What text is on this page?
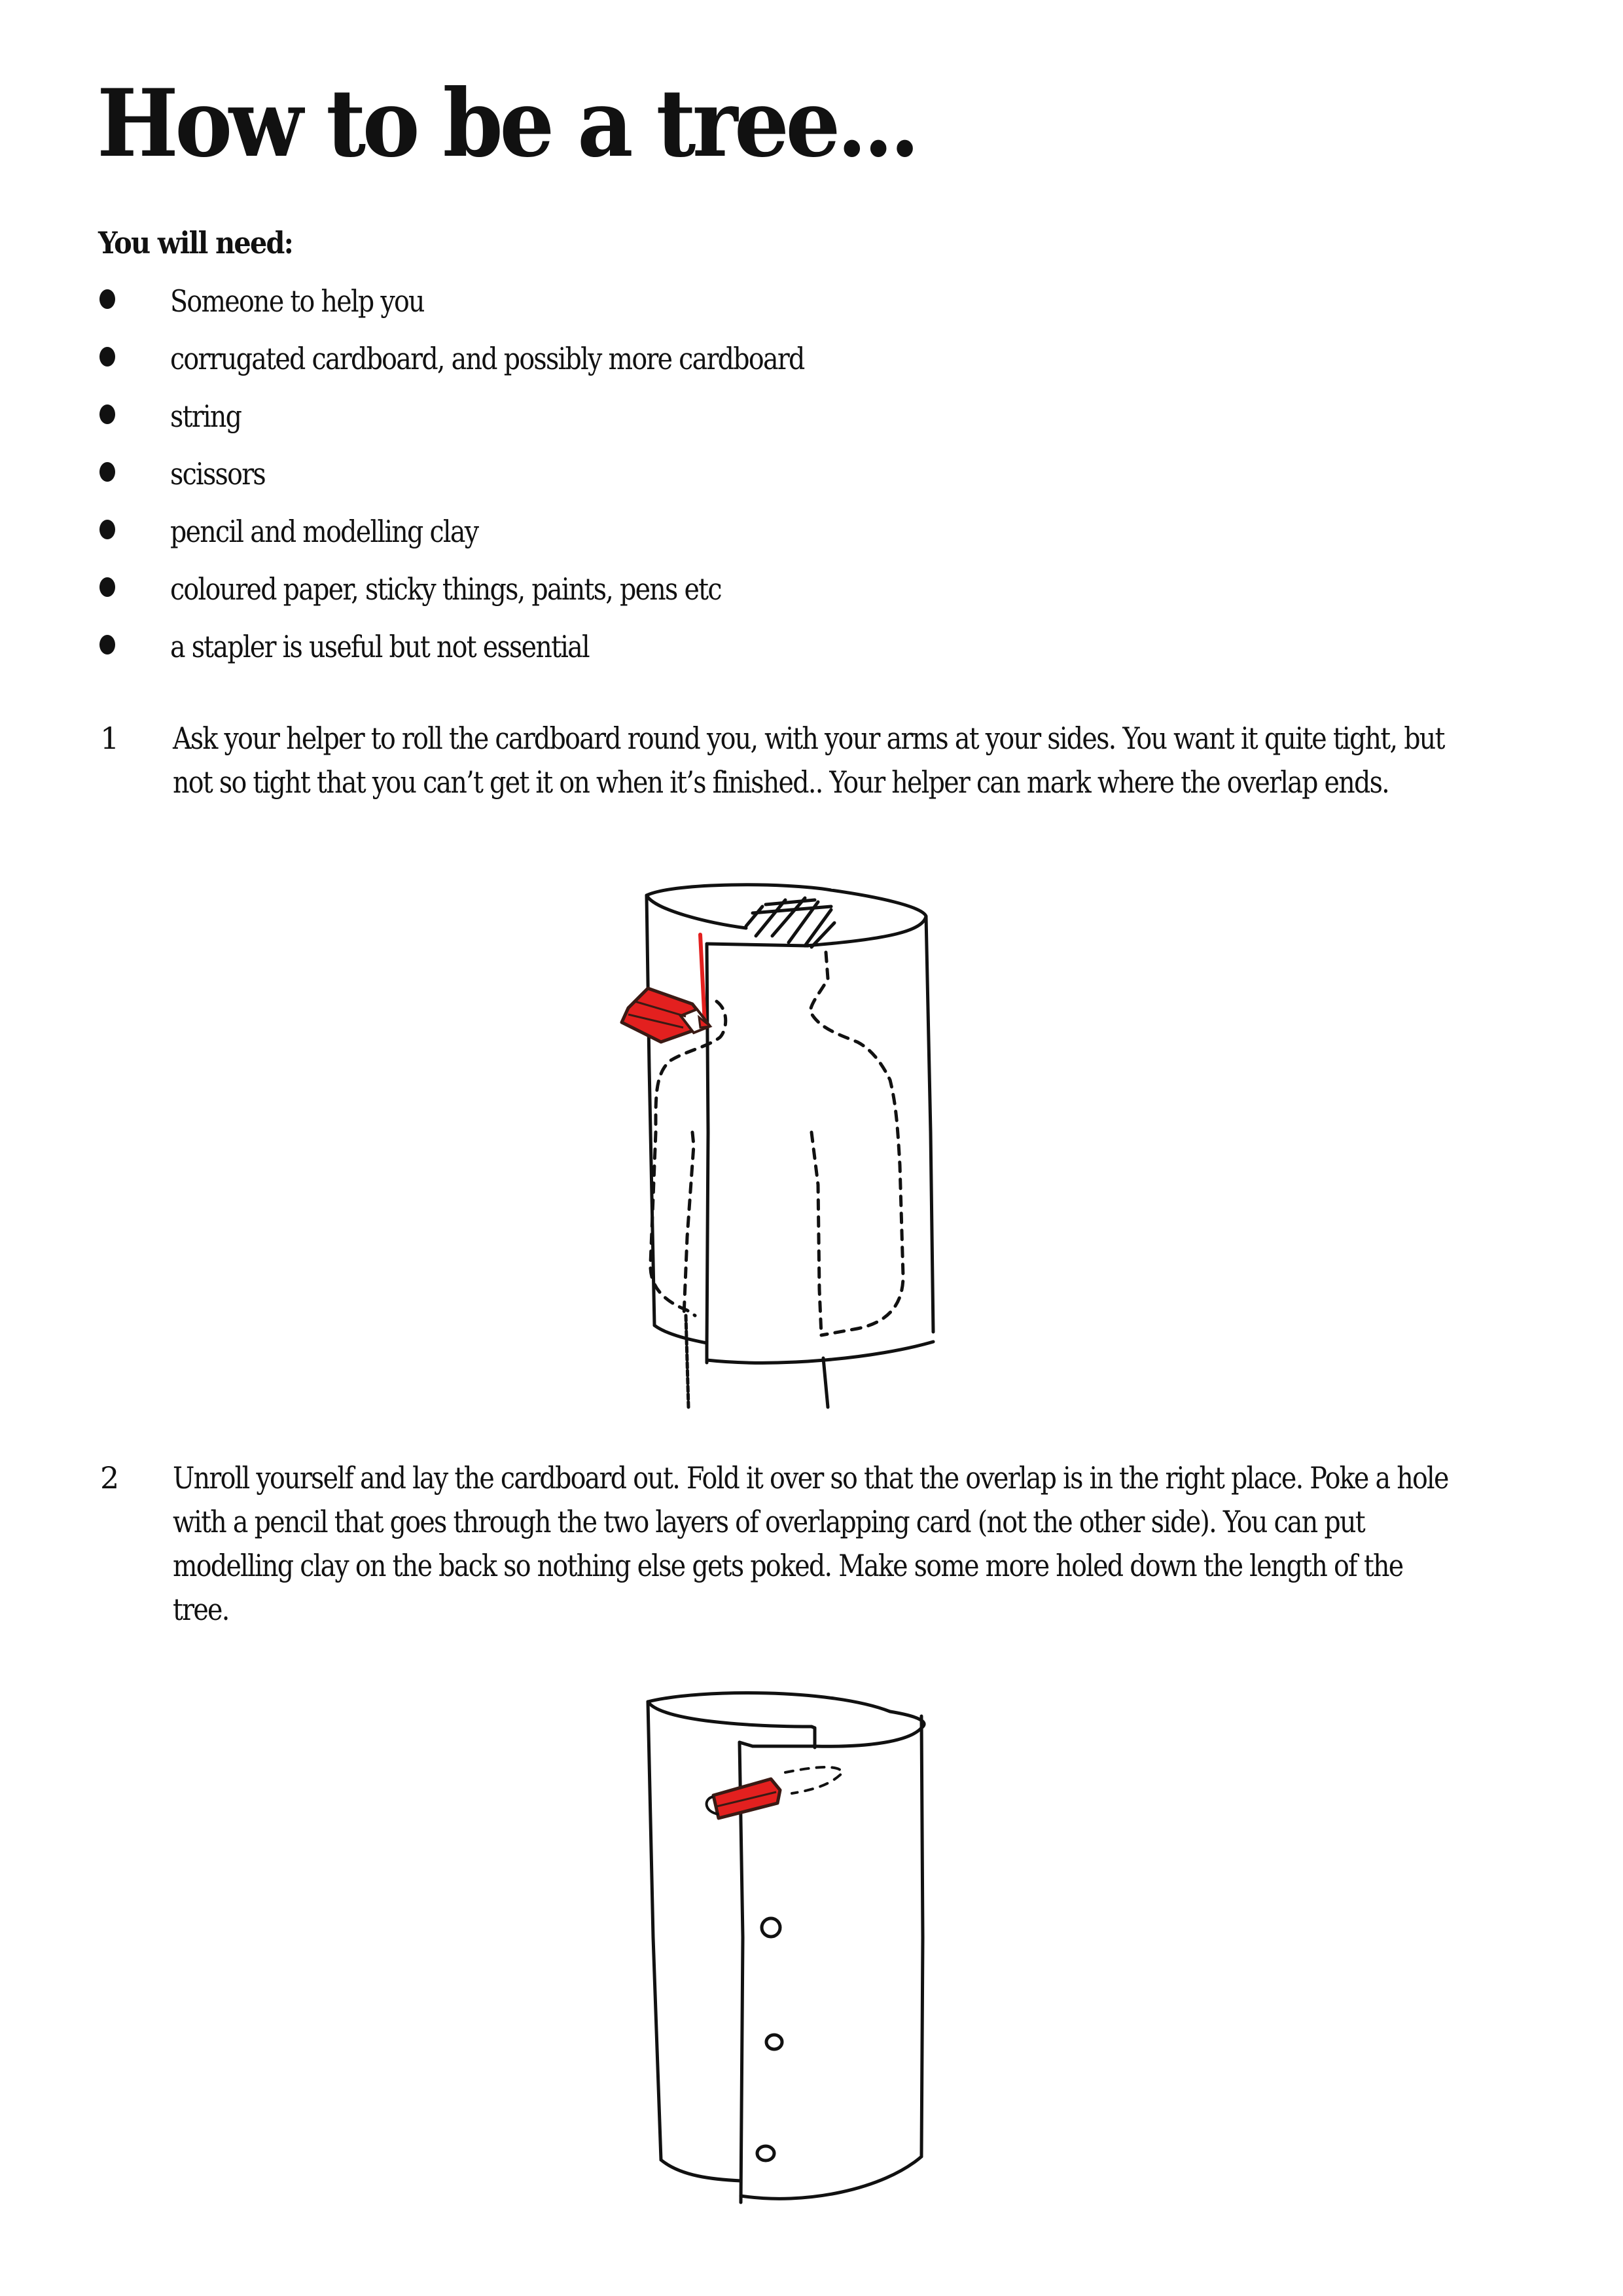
How to be a tree...
You will need:
Someone to help you
corrugated cardboard, and possibly more cardboard
string
scissors
pencil and modelling clay
coloured paper, sticky things, paints, pens etc
a stapler is useful but not essential
1 Ask your helper to roll the cardboard round you, with your arms at your sides. You want it quite tight, but not so tight that you can’t get it on when it’s finished.. Your helper can mark where the overlap ends.

2 Unroll yourself and lay the cardboard out. Fold it over so that the overlap is in the right place. Poke a hole with a pencil that goes through the two layers of overlapping card (not the other side). You can put modelling clay on the back so nothing else gets poked. Make some more holed down the length of the tree.
